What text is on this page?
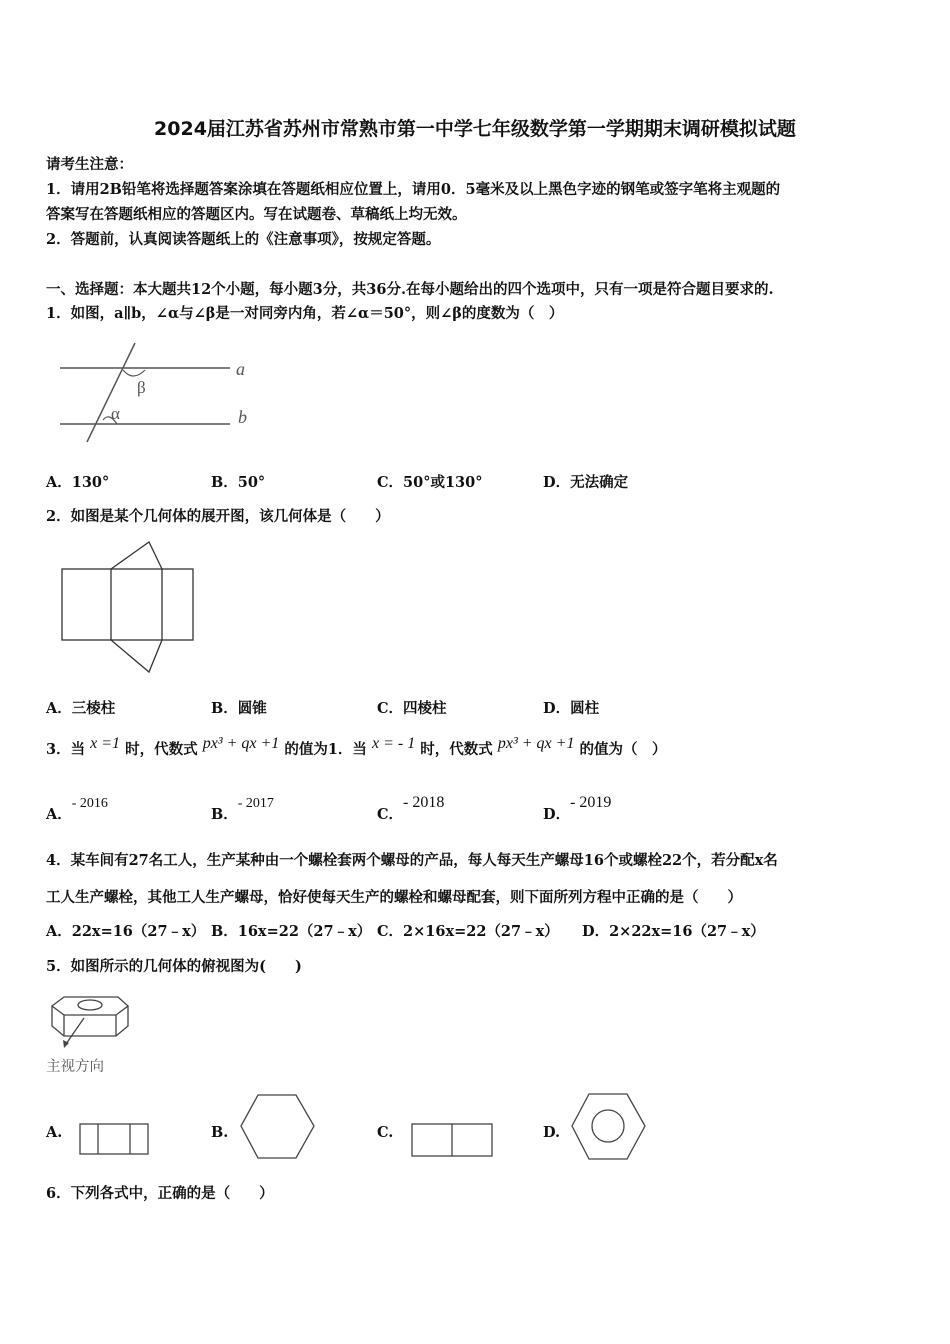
2024届江苏省苏州市常熟市第一中学七年级数学第一学期期末调研模拟试题
请考生注意：
1．请用2B铅笔将选择题答案涂填在答题纸相应位置上，请用0．5毫米及以上黑色字迹的钢笔或签字笔将主观题的
答案写在答题纸相应的答题区内。写在试题卷、草稿纸上均无效。
2．答题前，认真阅读答题纸上的《注意事项》，按规定答题。
一、选择题：本大题共12个小题，每小题3分，共36分.在每小题给出的四个选项中，只有一项是符合题目要求的.
1．如图，a∥b，∠α与∠β是一对同旁内角，若∠α＝50°，则∠β的度数为（　）
β
α
a
b
A．130°	B．50°	C．50°或130°	D．无法确定
2．如图是某个几何体的展开图，该几何体是（　　）
A．三棱柱	B．圆锥	C．四棱柱	D．圆柱
3．当 x =1 时，代数式 px³ + qx +1 的值为1．当 x = - 1 时，代数式 px³ + qx +1 的值为（　）
A．- 2016
B．- 2017
C．- 2018
D．- 2019
4．某车间有27名工人，生产某种由一个螺栓套两个螺母的产品，每人每天生产螺母16个或螺栓22个，若分配x名
工人生产螺栓，其他工人生产螺母，恰好使每天生产的螺栓和螺母配套，则下面所列方程中正确的是（　　）
A．22x=16（27﹣x） B．16x=22（27﹣x） C．2×16x=22（27﹣x） D．2×22x=16（27﹣x）
5．如图所示的几何体的俯视图为(　　)
主视方向
A.	B.	C.	D.
6．下列各式中，正确的是（　　）
